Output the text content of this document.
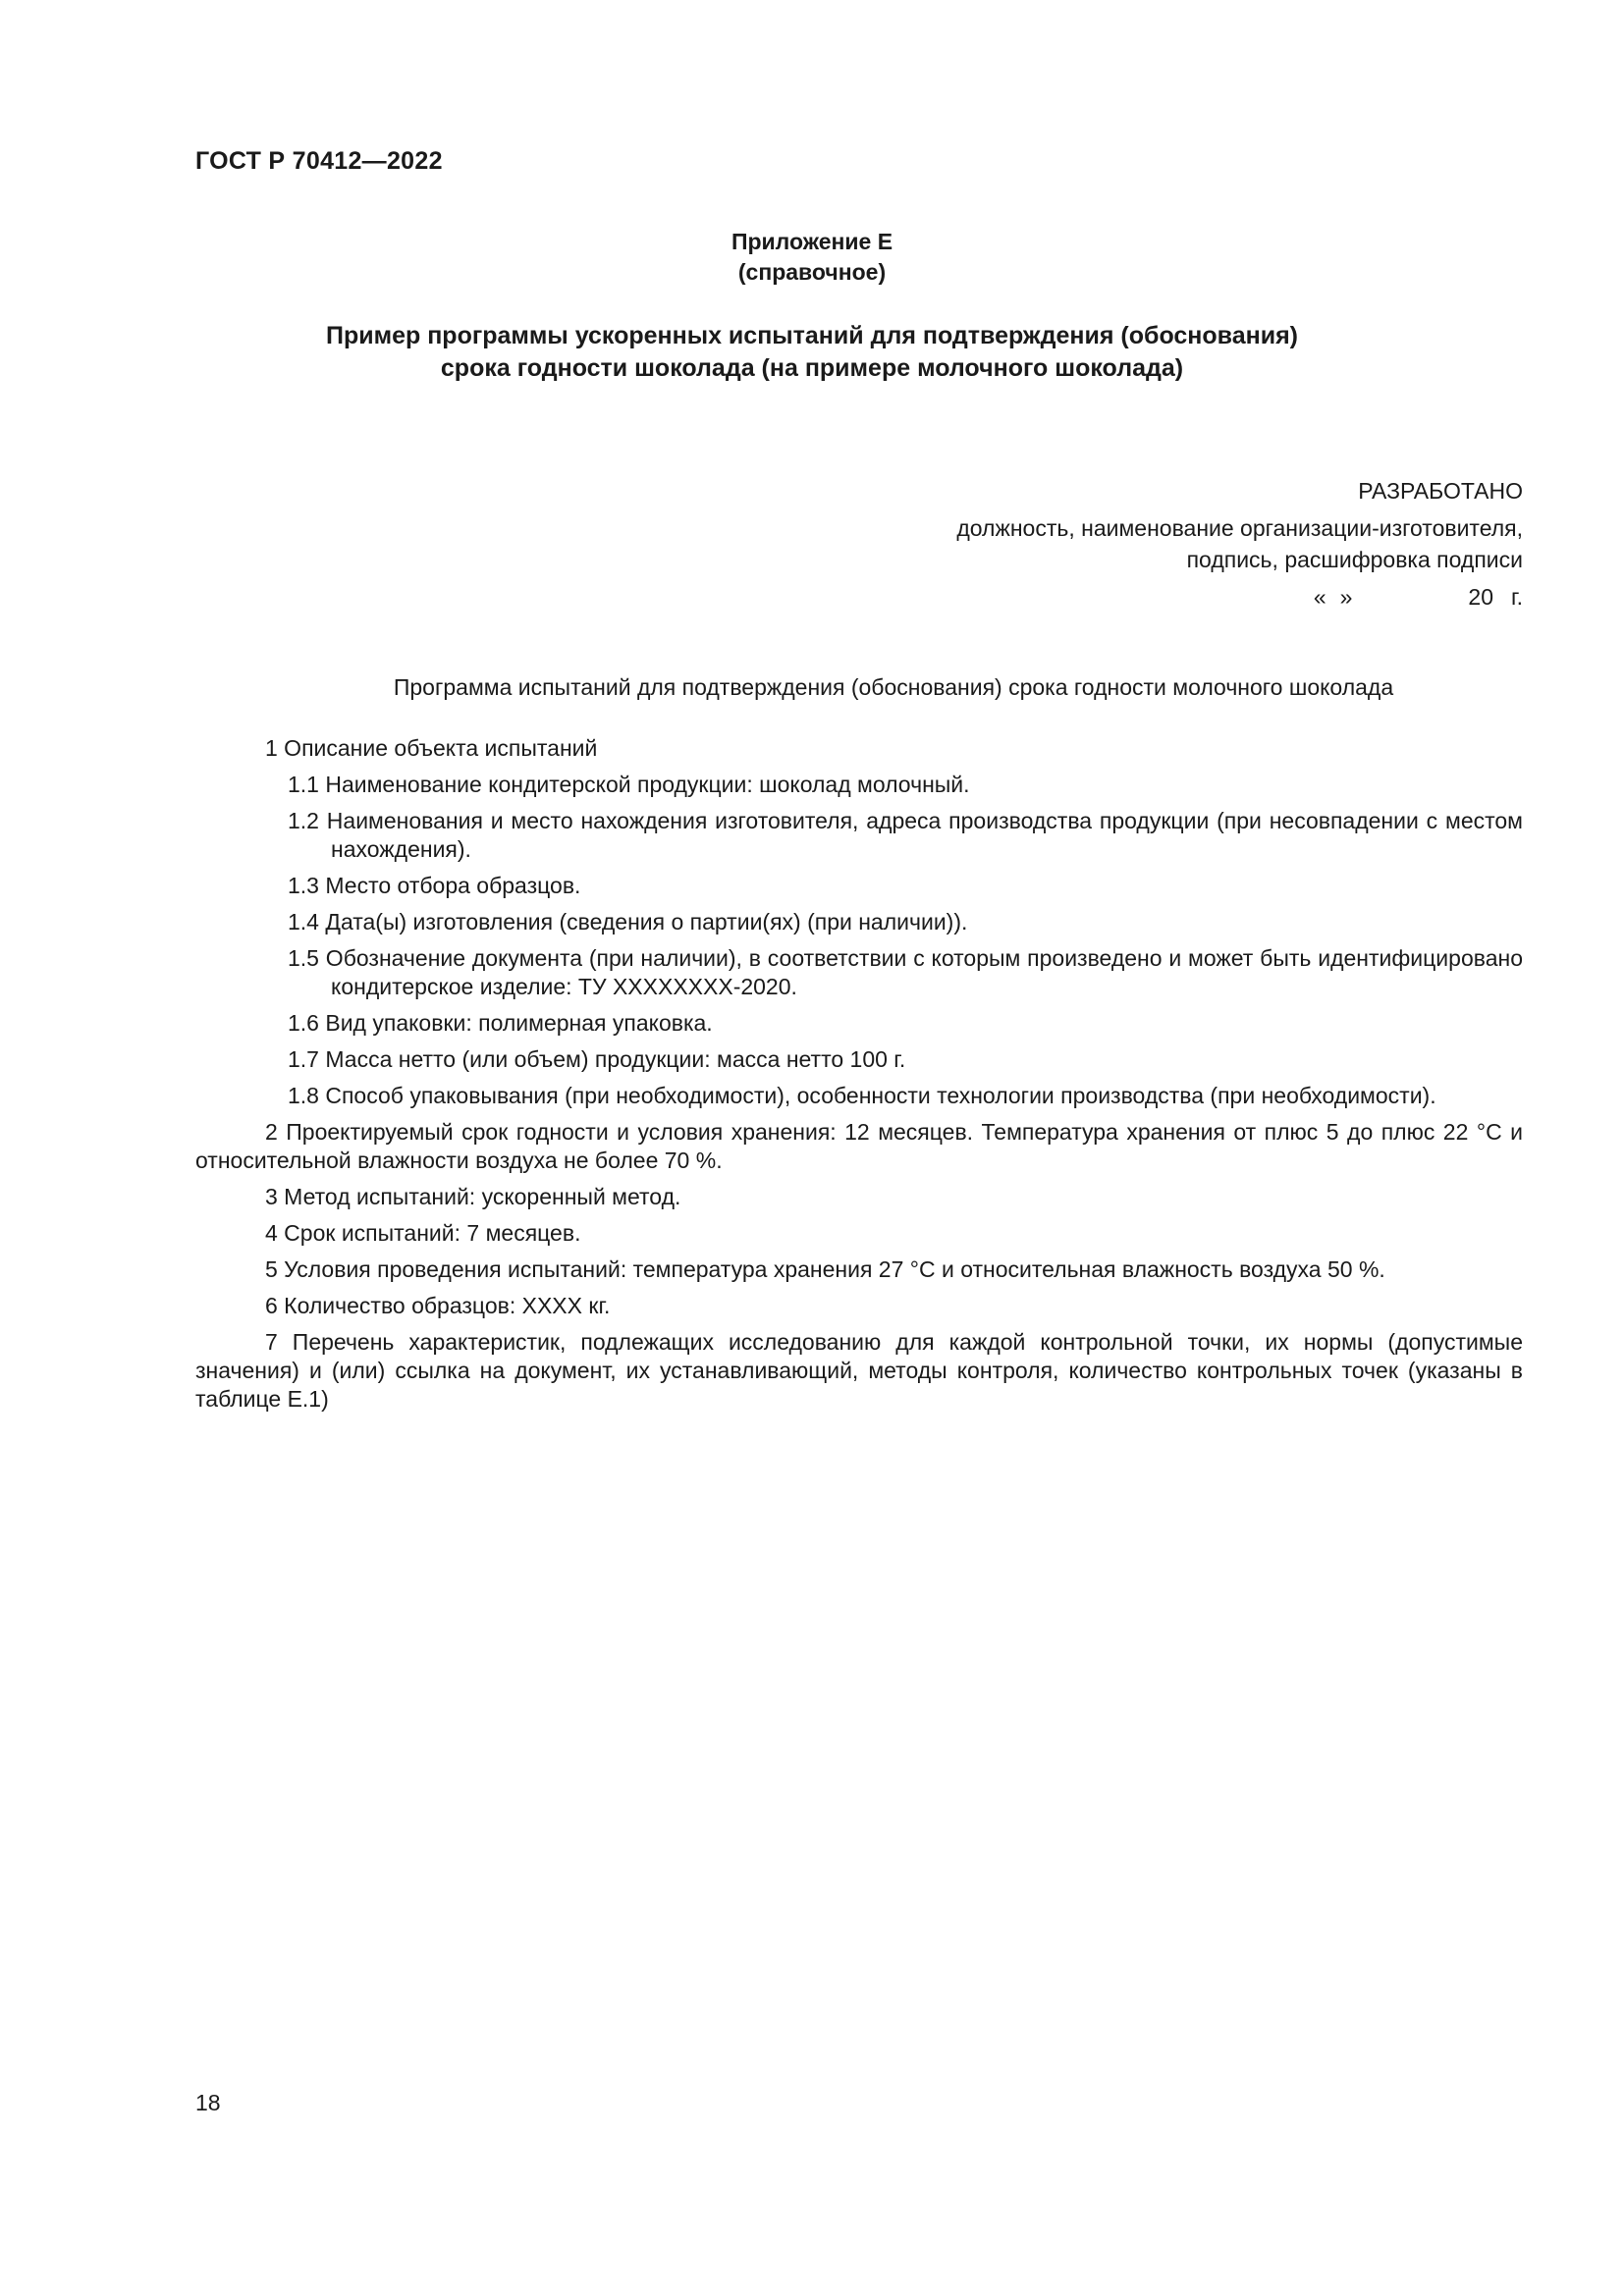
ГОСТ Р 70412—2022
Приложение Е
(справочное)
Пример программы ускоренных испытаний для подтверждения (обоснования)
срока годности шоколада (на примере молочного шоколада)
РАЗРАБОТАНО
должность, наименование организации-изготовителя,
подпись, расшифровка подписи
« »	20 г.
Программа испытаний для подтверждения (обоснования) срока годности молочного шоколада
1 Описание объекта испытаний
1.1 Наименование кондитерской продукции: шоколад молочный.
1.2 Наименования и место нахождения изготовителя, адреса производства продукции (при несовпадении с местом нахождения).
1.3 Место отбора образцов.
1.4 Дата(ы) изготовления (сведения о партии(ях) (при наличии)).
1.5 Обозначение документа (при наличии), в соответствии с которым произведено и может быть идентифицировано кондитерское изделие: ТУ ХХХХХХХХ-2020.
1.6 Вид упаковки: полимерная упаковка.
1.7 Масса нетто (или объем) продукции: масса нетто 100 г.
1.8 Способ упаковывания (при необходимости), особенности технологии производства (при необходимости).
2 Проектируемый срок годности и условия хранения: 12 месяцев. Температура хранения от плюс 5 до плюс 22 °С и относительной влажности воздуха не более 70 %.
3 Метод испытаний: ускоренный метод.
4 Срок испытаний: 7 месяцев.
5 Условия проведения испытаний: температура хранения 27 °С и относительная влажность воздуха 50 %.
6 Количество образцов: ХХХХ кг.
7 Перечень характеристик, подлежащих исследованию для каждой контрольной точки, их нормы (допустимые значения) и (или) ссылка на документ, их устанавливающий, методы контроля, количество контрольных точек (указаны в таблице Е.1)
18
